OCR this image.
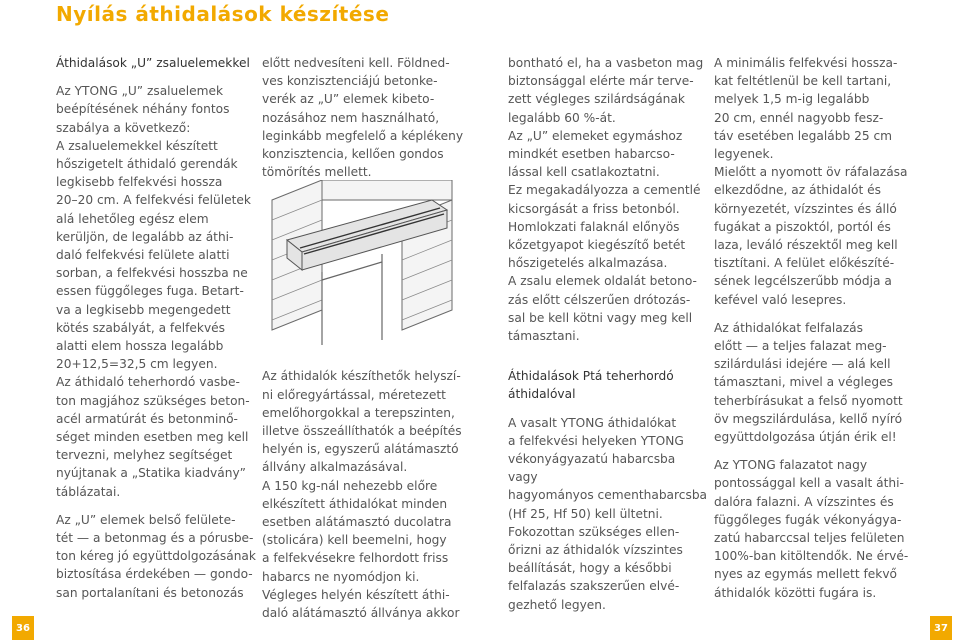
Nyílás áthidalások készítése

Áthidalások „U” zsaluelemekkel

Az YTONG „U” zsaluelemek
beépítésének néhány fontos
szabálya a következő:
A zsaluelemekkel készített
hőszigetelt áthidaló gerendák
legkisebb felfekvési hossza
20–20 cm. A felfekvési felületek
alá lehetőleg egész elem
kerüljön, de legalább az áthi-
daló felfekvési felülete alatti
sorban, a felfekvési hosszba ne
essen függőleges fuga. Betart-
va a legkisebb megengedett
kötés szabályát, a felfekvés
alatti elem hossza legalább
20+12,5=32,5 cm legyen.
Az áthidaló teherhordó vasbe-
ton magjához szükséges beton-
acél armatúrát és betonminő-
séget minden esetben meg kell
tervezni, melyhez segítséget
nyújtanak a „Statika kiadvány”
táblázatai.

Az „U” elemek belső felülete-
tét — a betonmag és a pórusbe-
ton kéreg jó együttdolgozásának
biztosítása érdekében — gondo-
san portalanítani és betonozás

előtt nedvesíteni kell. Földned-
ves konzisztenciájú betonke-
verék az „U” elemek kibeto-
nozásához nem használható,
leginkább megfelelő a képlékeny
konzisztencia, kellően gondos
tömörítés mellett.

Az áthidalók készíthetők helyszí-
ni előregyártással, méretezett
emelőhorgokkal a terepszinten,
illetve összeállíthatók a beépítés
helyén is, egyszerű alátámasztó
állvány alkalmazásával.
A 150 kg-nál nehezebb előre
elkészített áthidalókat minden
esetben alátámasztó ducolatra
(stolicára) kell beemelni, hogy
a felfekvésekre felhordott friss
habarcs ne nyomódjon ki.
Végleges helyén készített áthi-
daló alátámasztó állványa akkor

bontható el, ha a vasbeton mag
biztonsággal elérte már terve-
zett végleges szilárdságának
legalább 60 %-át.
Az „U” elemeket egymáshoz
mindkét esetben habarcso-
lással kell csatlakoztatni.
Ez megakadályozza a cementlé
kicsorgását a friss betonból.
Homlokzati falaknál előnyös
kőzetgyapot kiegészítő betét
hőszigetelés alkalmazása.
A zsalu elemek oldalát betono-
zás előtt célszerűen drótozás-
sal be kell kötni vagy meg kell
támasztani.

Áthidalások Ptá teherhordó
áthidalóval

A vasalt YTONG áthidalókat
a felfekvési helyeken YTONG
vékonyágyazatú habarcsba vagy
hagyományos cementhabarcsba
(Hf 25, Hf 50) kell ültetni.
Fokozottan szükséges ellen-
őrizni az áthidalók vízszintes
beállítását, hogy a későbbi
felfalazás szakszerűen elvé-
gezhető legyen.

A minimális felfekvési hossza-
kat feltétlenül be kell tartani,
melyek 1,5 m-ig legalább
20 cm, ennél nagyobb fesz-
táv esetében legalább 25 cm
legyenek.
Mielőtt a nyomott öv ráfalazása
elkezdődne, az áthidalót és
környezetét, vízszintes és álló
fugákat a piszoktól, portól és
laza, leváló részektől meg kell
tisztítani. A felület előkészíté-
sének legcélszerűbb módja a
kefével való lesepres.

Az áthidalókat felfalazás
előtt — a teljes falazat meg-
szilárdulási idejére — alá kell
támasztani, mivel a végleges
teherbírásukat a felső nyomott
öv megszilárdulása, kellő nyíró
együttdolgozása útján érik el!

Az YTONG falazatot nagy
pontossággal kell a vasalt áthi-
dalóra falazni. A vízszintes és
függőleges fugák vékonyágya-
zatú habarccsal teljes felületen
100%-ban kitöltendők. Ne érvé-
nyes az egymás mellett fekvő
áthidalók közötti fugára is.

36	37
